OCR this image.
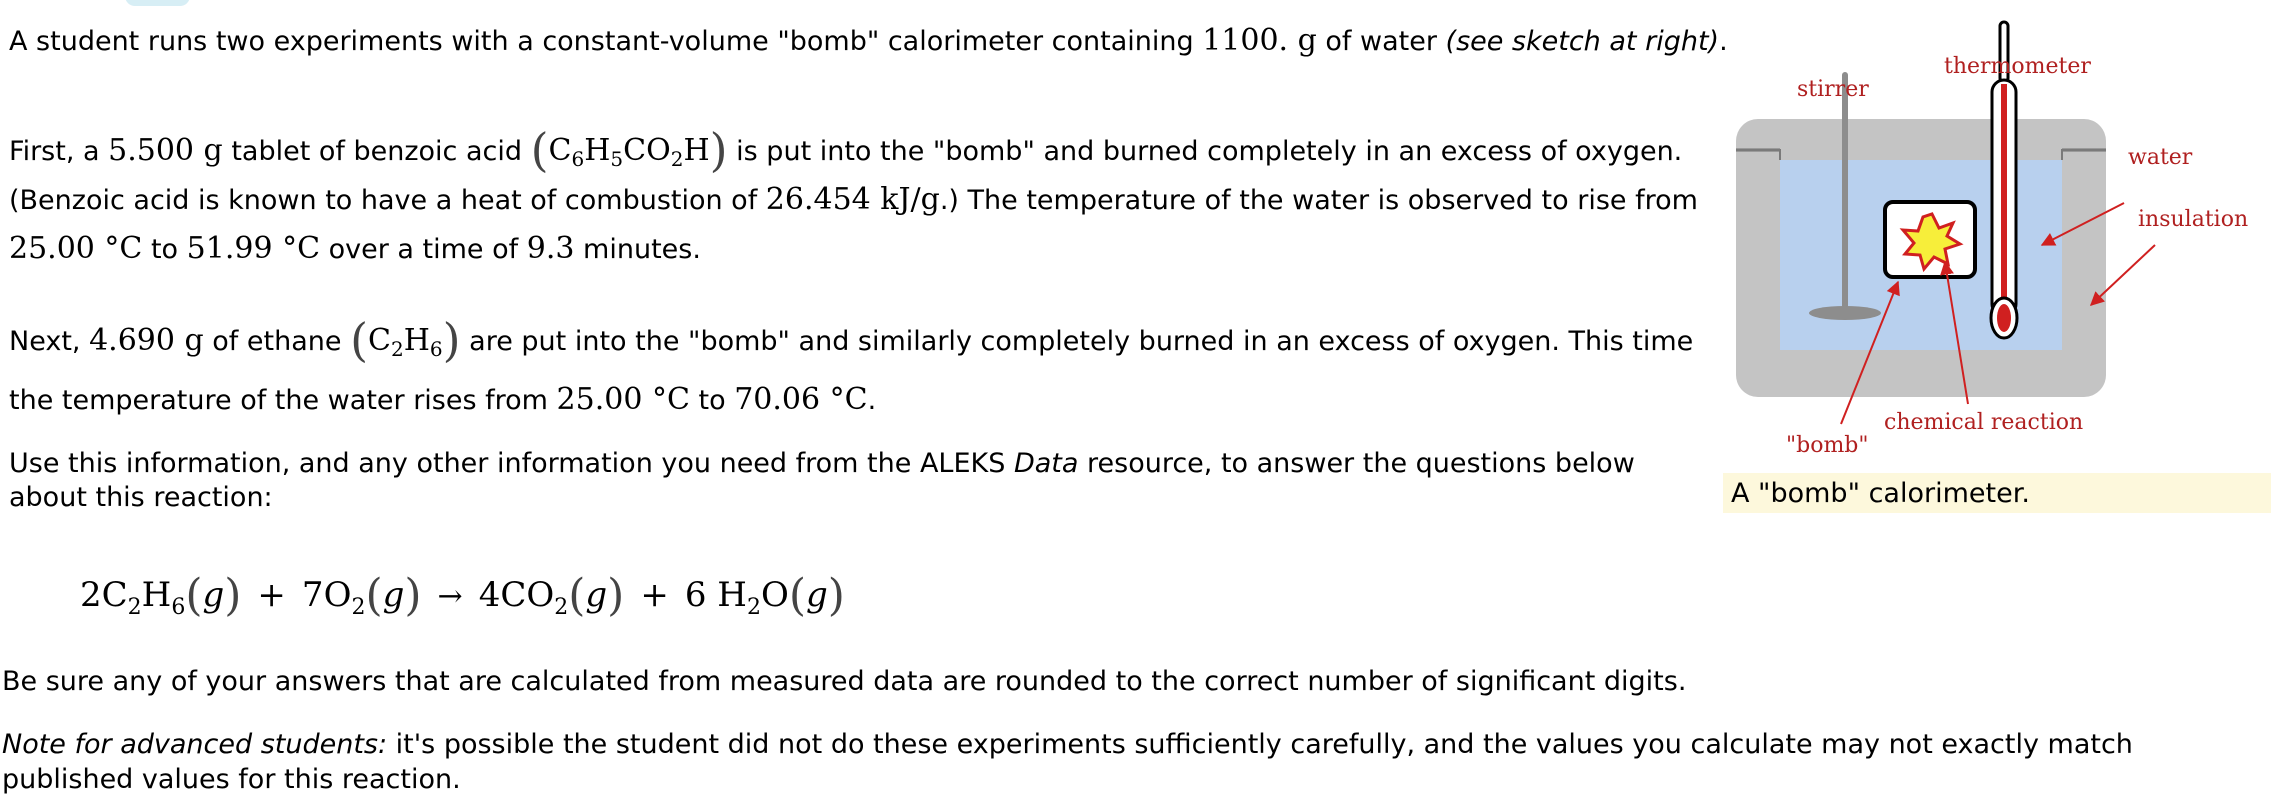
A student runs two experiments with a constant-volume "bomb" calorimeter containing 1100. g of water (see sketch at right).
First, a 5.500 g tablet of benzoic acid $(C_6H_5CO_2H)$ is put into the "bomb" and burned completely in an excess of oxygen. (Benzoic acid is known to have a heat of combustion of 26.454 kJ/g.) The temperature of the water is observed to rise from 25.00 °C to 51.99 °C over a time of 9.3 minutes.
Next, 4.690 g of ethane $(C_2H_6)$ are put into the "bomb" and similarly completely burned in an excess of oxygen. This time the temperature of the water rises from 25.00 °C to 70.06 °C.
Use this information, and any other information you need from the ALEKS Data resource, to answer the questions below about this reaction:
$2C_2H_6(g) + 7O_2(g) \to 4CO_2(g) + 6$ $H_2O(g)$
Be sure any of your answers that are calculated from measured data are rounded to the correct number of significant digits.
Note for advanced students: it's possible the student did not do these experiments sufficiently carefully, and the values you calculate may not exactly match published values for this reaction.
thermometer
stirrer
water
insulation
chemical reaction
"bomb"
A "bomb" calorimeter.
